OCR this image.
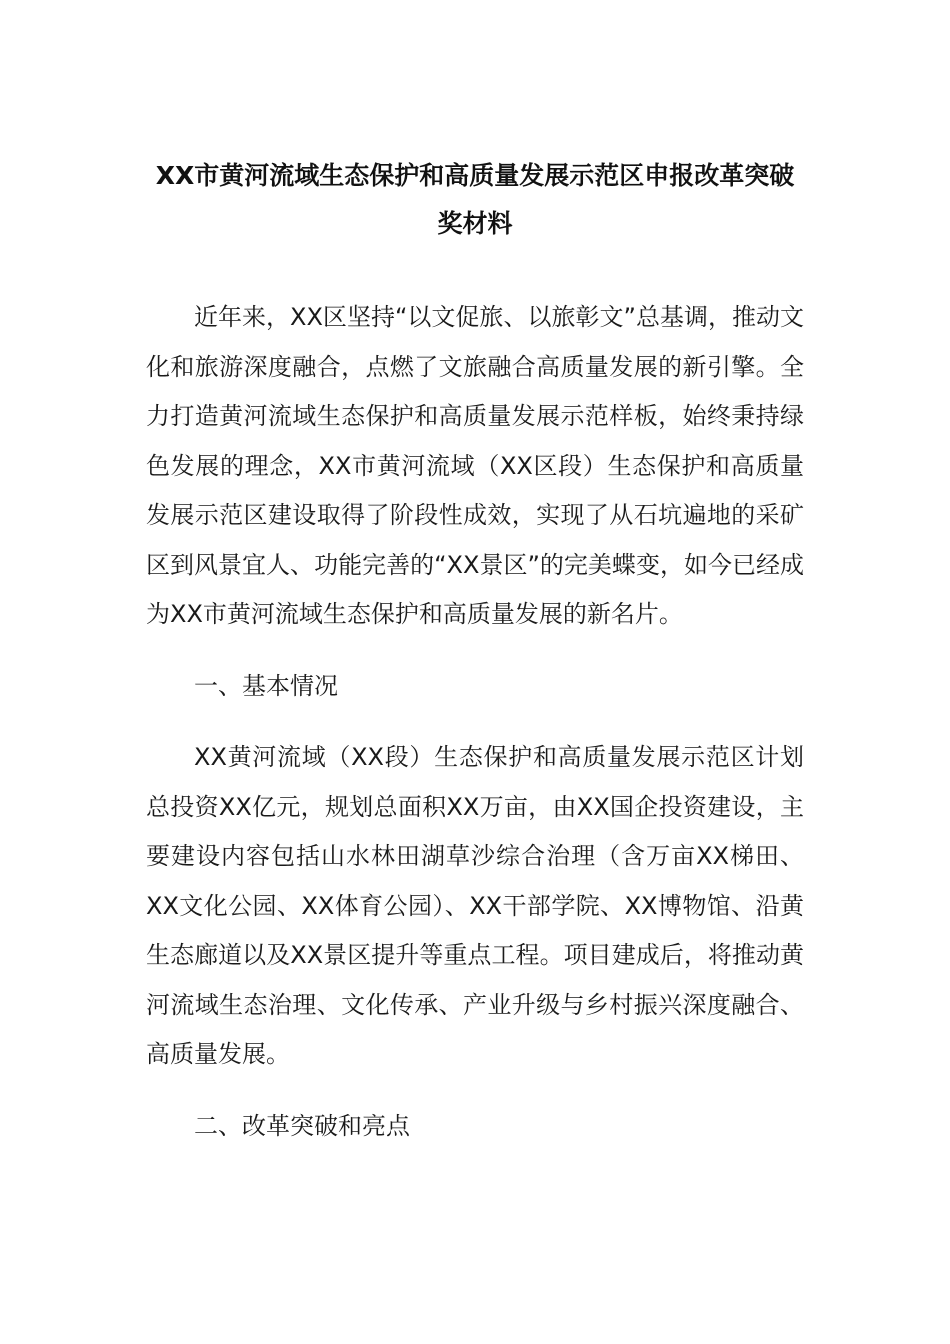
XX市黄河流域生态保护和高质量发展示范区申报改革突破
奖材料

近年来，XX区坚持“以文促旅、以旅彰文”总基调，推动文化和旅游深度融合，点燃了文旅融合高质量发展的新引擎。全力打造黄河流域生态保护和高质量发展示范样板，始终秉持绿色发展的理念，XX市黄河流域（XX区段）生态保护和高质量发展示范区建设取得了阶段性成效，实现了从石坑遍地的采矿区到风景宜人、功能完善的“XX景区”的完美蝶变，如今已经成为XX市黄河流域生态保护和高质量发展的新名片。

一、基本情况

XX黄河流域（XX段）生态保护和高质量发展示范区计划总投资XX亿元，规划总面积XX万亩，由XX国企投资建设，主要建设内容包括山水林田湖草沙综合治理（含万亩XX梯田、XX文化公园、XX体育公园）、XX干部学院、XX博物馆、沿黄生态廊道以及XX景区提升等重点工程。项目建成后，将推动黄河流域生态治理、文化传承、产业升级与乡村振兴深度融合、高质量发展。

二、改革突破和亮点
